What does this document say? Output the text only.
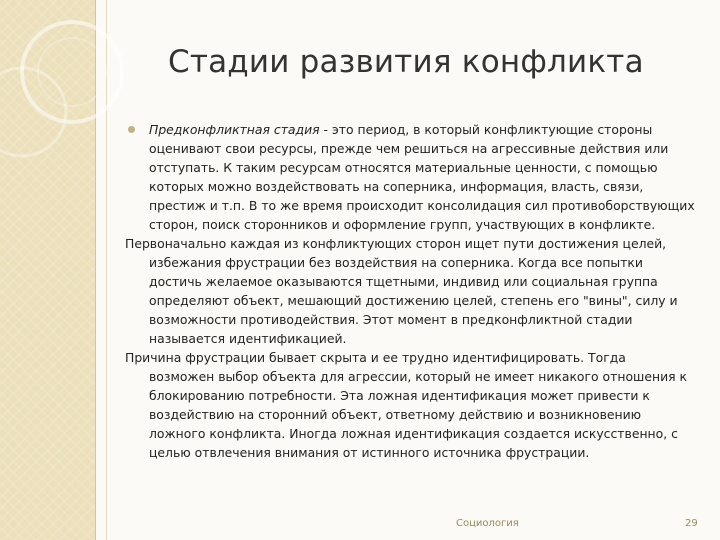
Стадии развития конфликта

Предконфликтная стадия - это период, в который конфликтующие стороны оценивают свои ресурсы, прежде чем решиться на агрессивные действия или отступать. К таким ресурсам относятся материальные ценности, с помощью которых можно воздействовать на соперника, информация, власть, связи, престиж и т.п. В то же время происходит консолидация сил противоборствующих сторон, поиск сторонников и оформление групп, участвующих в конфликте.

Первоначально каждая из конфликтующих сторон ищет пути достижения целей, избежания фрустрации без воздействия на соперника. Когда все попытки достичь желаемое оказываются тщетными, индивид или социальная группа определяют объект, мешающий достижению целей, степень его "вины", силу и возможности противодействия. Этот момент в предконфликтной стадии называется идентификацией.

Причина фрустрации бывает скрыта и ее трудно идентифицировать. Тогда возможен выбор объекта для агрессии, который не имеет никакого отношения к блокированию потребности. Эта ложная идентификация может привести к воздействию на сторонний объект, ответному действию и возникновению ложного конфликта. Иногда ложная идентификация создается искусственно, с целью отвлечения внимания от истинного источника фрустрации.

Социология	29
